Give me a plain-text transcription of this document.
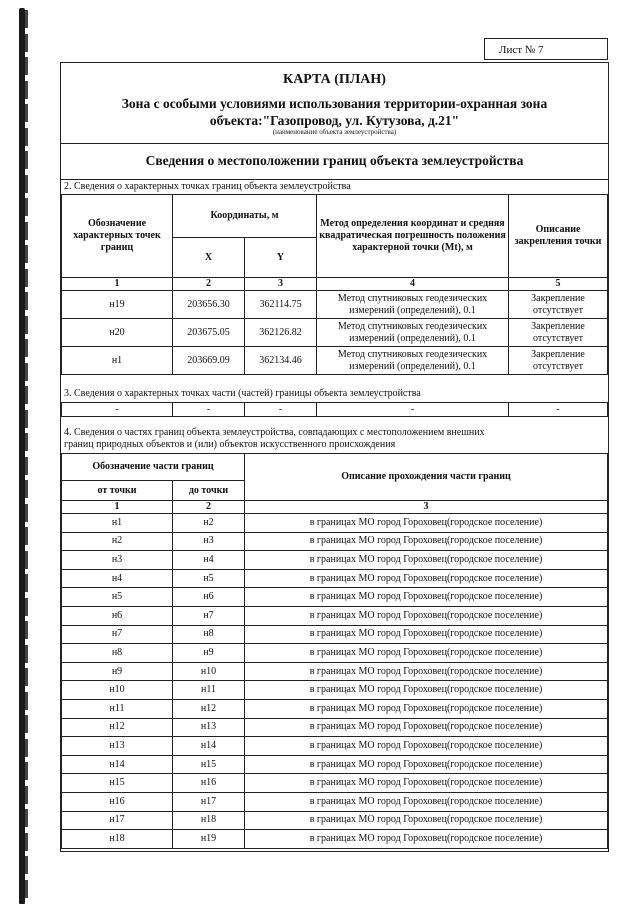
Лист № 7
КАРТА (ПЛАН)
Зона с особыми условиями использования территории-охранная зона
объекта:"Газопровод, ул. Кутузова, д.21"
(наименование объекта землеустройства)
Сведения о местоположении границ объекта землеустройства
2. Сведения о характерных точках границ объекта землеустройства
Обозначение характерных точек границ	Координаты, м		Метод определения координат и средняя квадратическая погрешность положения характерной точки (Mt), м	Описание закрепления точки
	X	Y		
1	2	3	4	5
н19	203656.30	362114.75	Метод спутниковых геодезических измерений (определений), 0.1	Закрепление отсутствует
н20	203675.05	362126.82	Метод спутниковых геодезических измерений (определений), 0.1	Закрепление отсутствует
н1	203669.09	362134.46	Метод спутниковых геодезических измерений (определений), 0.1	Закрепление отсутствует
3. Сведения о характерных точках части (частей) границы объекта землеустройства
-	-	-	-	-
4. Сведения о частях границ объекта землеустройства, совпадающих с местоположением внешних
границ природных объектов и (или) объектов искусственного происхождения
Обозначение части границ		Описание прохождения части границ
от точки	до точки	
1	2	3
н1	н2	в границах МО город Гороховец(городское поселение)
н2	н3	в границах МО город Гороховец(городское поселение)
н3	н4	в границах МО город Гороховец(городское поселение)
н4	н5	в границах МО город Гороховец(городское поселение)
н5	н6	в границах МО город Гороховец(городское поселение)
н6	н7	в границах МО город Гороховец(городское поселение)
н7	н8	в границах МО город Гороховец(городское поселение)
н8	н9	в границах МО город Гороховец(городское поселение)
н9	н10	в границах МО город Гороховец(городское поселение)
н10	н11	в границах МО город Гороховец(городское поселение)
н11	н12	в границах МО город Гороховец(городское поселение)
н12	н13	в границах МО город Гороховец(городское поселение)
н13	н14	в границах МО город Гороховец(городское поселение)
н14	н15	в границах МО город Гороховец(городское поселение)
н15	н16	в границах МО город Гороховец(городское поселение)
н16	н17	в границах МО город Гороховец(городское поселение)
н17	н18	в границах МО город Гороховец(городское поселение)
н18	н19	в границах МО город Гороховец(городское поселение)
